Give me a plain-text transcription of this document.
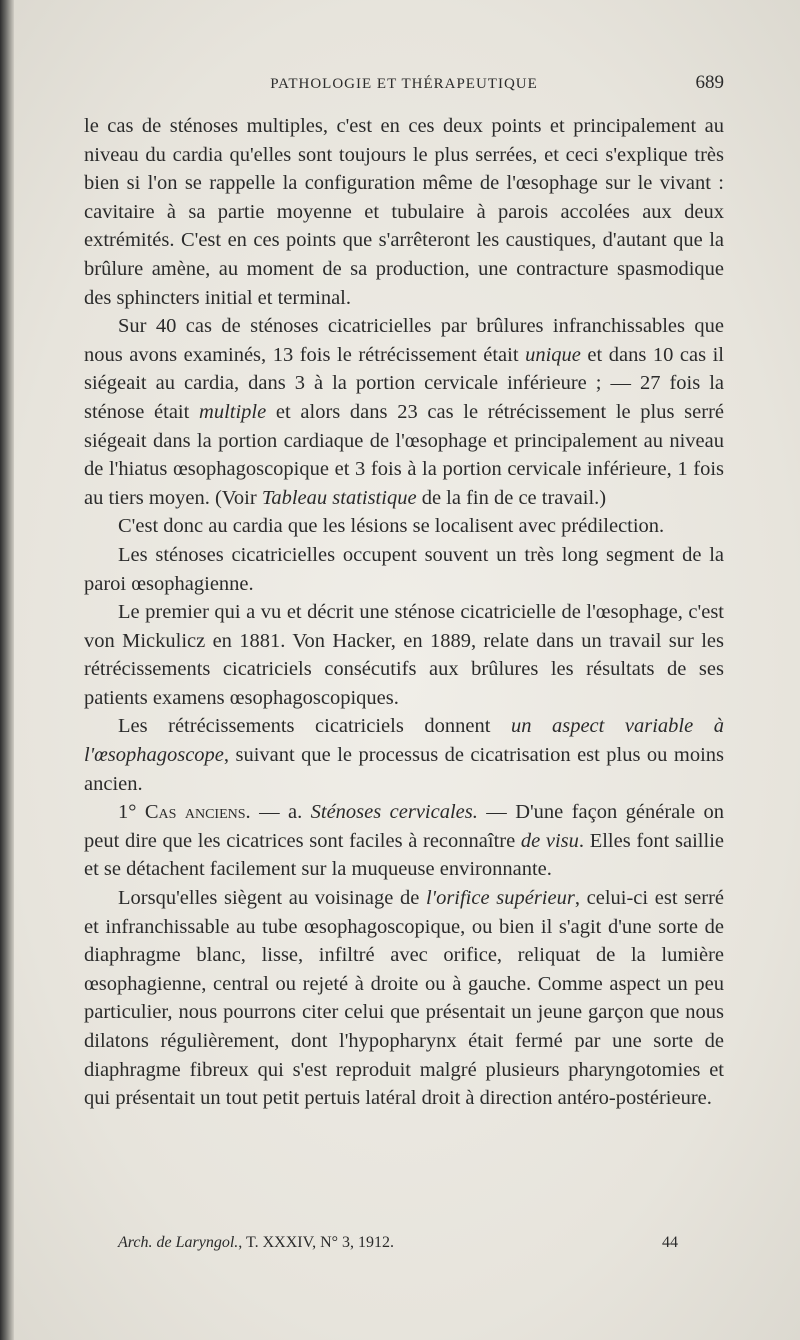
PATHOLOGIE ET THÉRAPEUTIQUE	689

le cas de sténoses multiples, c'est en ces deux points et principalement au niveau du cardia qu'elles sont toujours le plus serrées, et ceci s'explique très bien si l'on se rappelle la configuration même de l'œsophage sur le vivant : cavitaire à sa partie moyenne et tubulaire à parois accolées aux deux extrémités. C'est en ces points que s'arrêteront les caustiques, d'autant que la brûlure amène, au moment de sa production, une contracture spasmodique des sphincters initial et terminal.

Sur 40 cas de sténoses cicatricielles par brûlures infranchissables que nous avons examinés, 13 fois le rétrécissement était unique et dans 10 cas il siégeait au cardia, dans 3 à la portion cervicale inférieure ; — 27 fois la sténose était multiple et alors dans 23 cas le rétrécissement le plus serré siégeait dans la portion cardiaque de l'œsophage et principalement au niveau de l'hiatus œsophagoscopique et 3 fois à la portion cervicale inférieure, 1 fois au tiers moyen. (Voir Tableau statistique de la fin de ce travail.)

C'est donc au cardia que les lésions se localisent avec prédilection.

Les sténoses cicatricielles occupent souvent un très long segment de la paroi œsophagienne.

Le premier qui a vu et décrit une sténose cicatricielle de l'œsophage, c'est von Mickulicz en 1881. Von Hacker, en 1889, relate dans un travail sur les rétrécissements cicatriciels consécutifs aux brûlures les résultats de ses patients examens œsophagoscopiques.

Les rétrécissements cicatriciels donnent un aspect variable à l'œsophagoscope, suivant que le processus de cicatrisation est plus ou moins ancien.

1° Cas anciens. — a. Sténoses cervicales. — D'une façon générale on peut dire que les cicatrices sont faciles à reconnaître de visu. Elles font saillie et se détachent facilement sur la muqueuse environnante.

Lorsqu'elles siègent au voisinage de l'orifice supérieur, celui-ci est serré et infranchissable au tube œsophagoscopique, ou bien il s'agit d'une sorte de diaphragme blanc, lisse, infiltré avec orifice, reliquat de la lumière œsophagienne, central ou rejeté à droite ou à gauche. Comme aspect un peu particulier, nous pourrons citer celui que présentait un jeune garçon que nous dilatons régulièrement, dont l'hypopharynx était fermé par une sorte de diaphragme fibreux qui s'est reproduit malgré plusieurs pharyngotomies et qui présentait un tout petit pertuis latéral droit à direction antéro-postérieure.

Arch. de Laryngol., T. XXXIV, N° 3, 1912.	44
